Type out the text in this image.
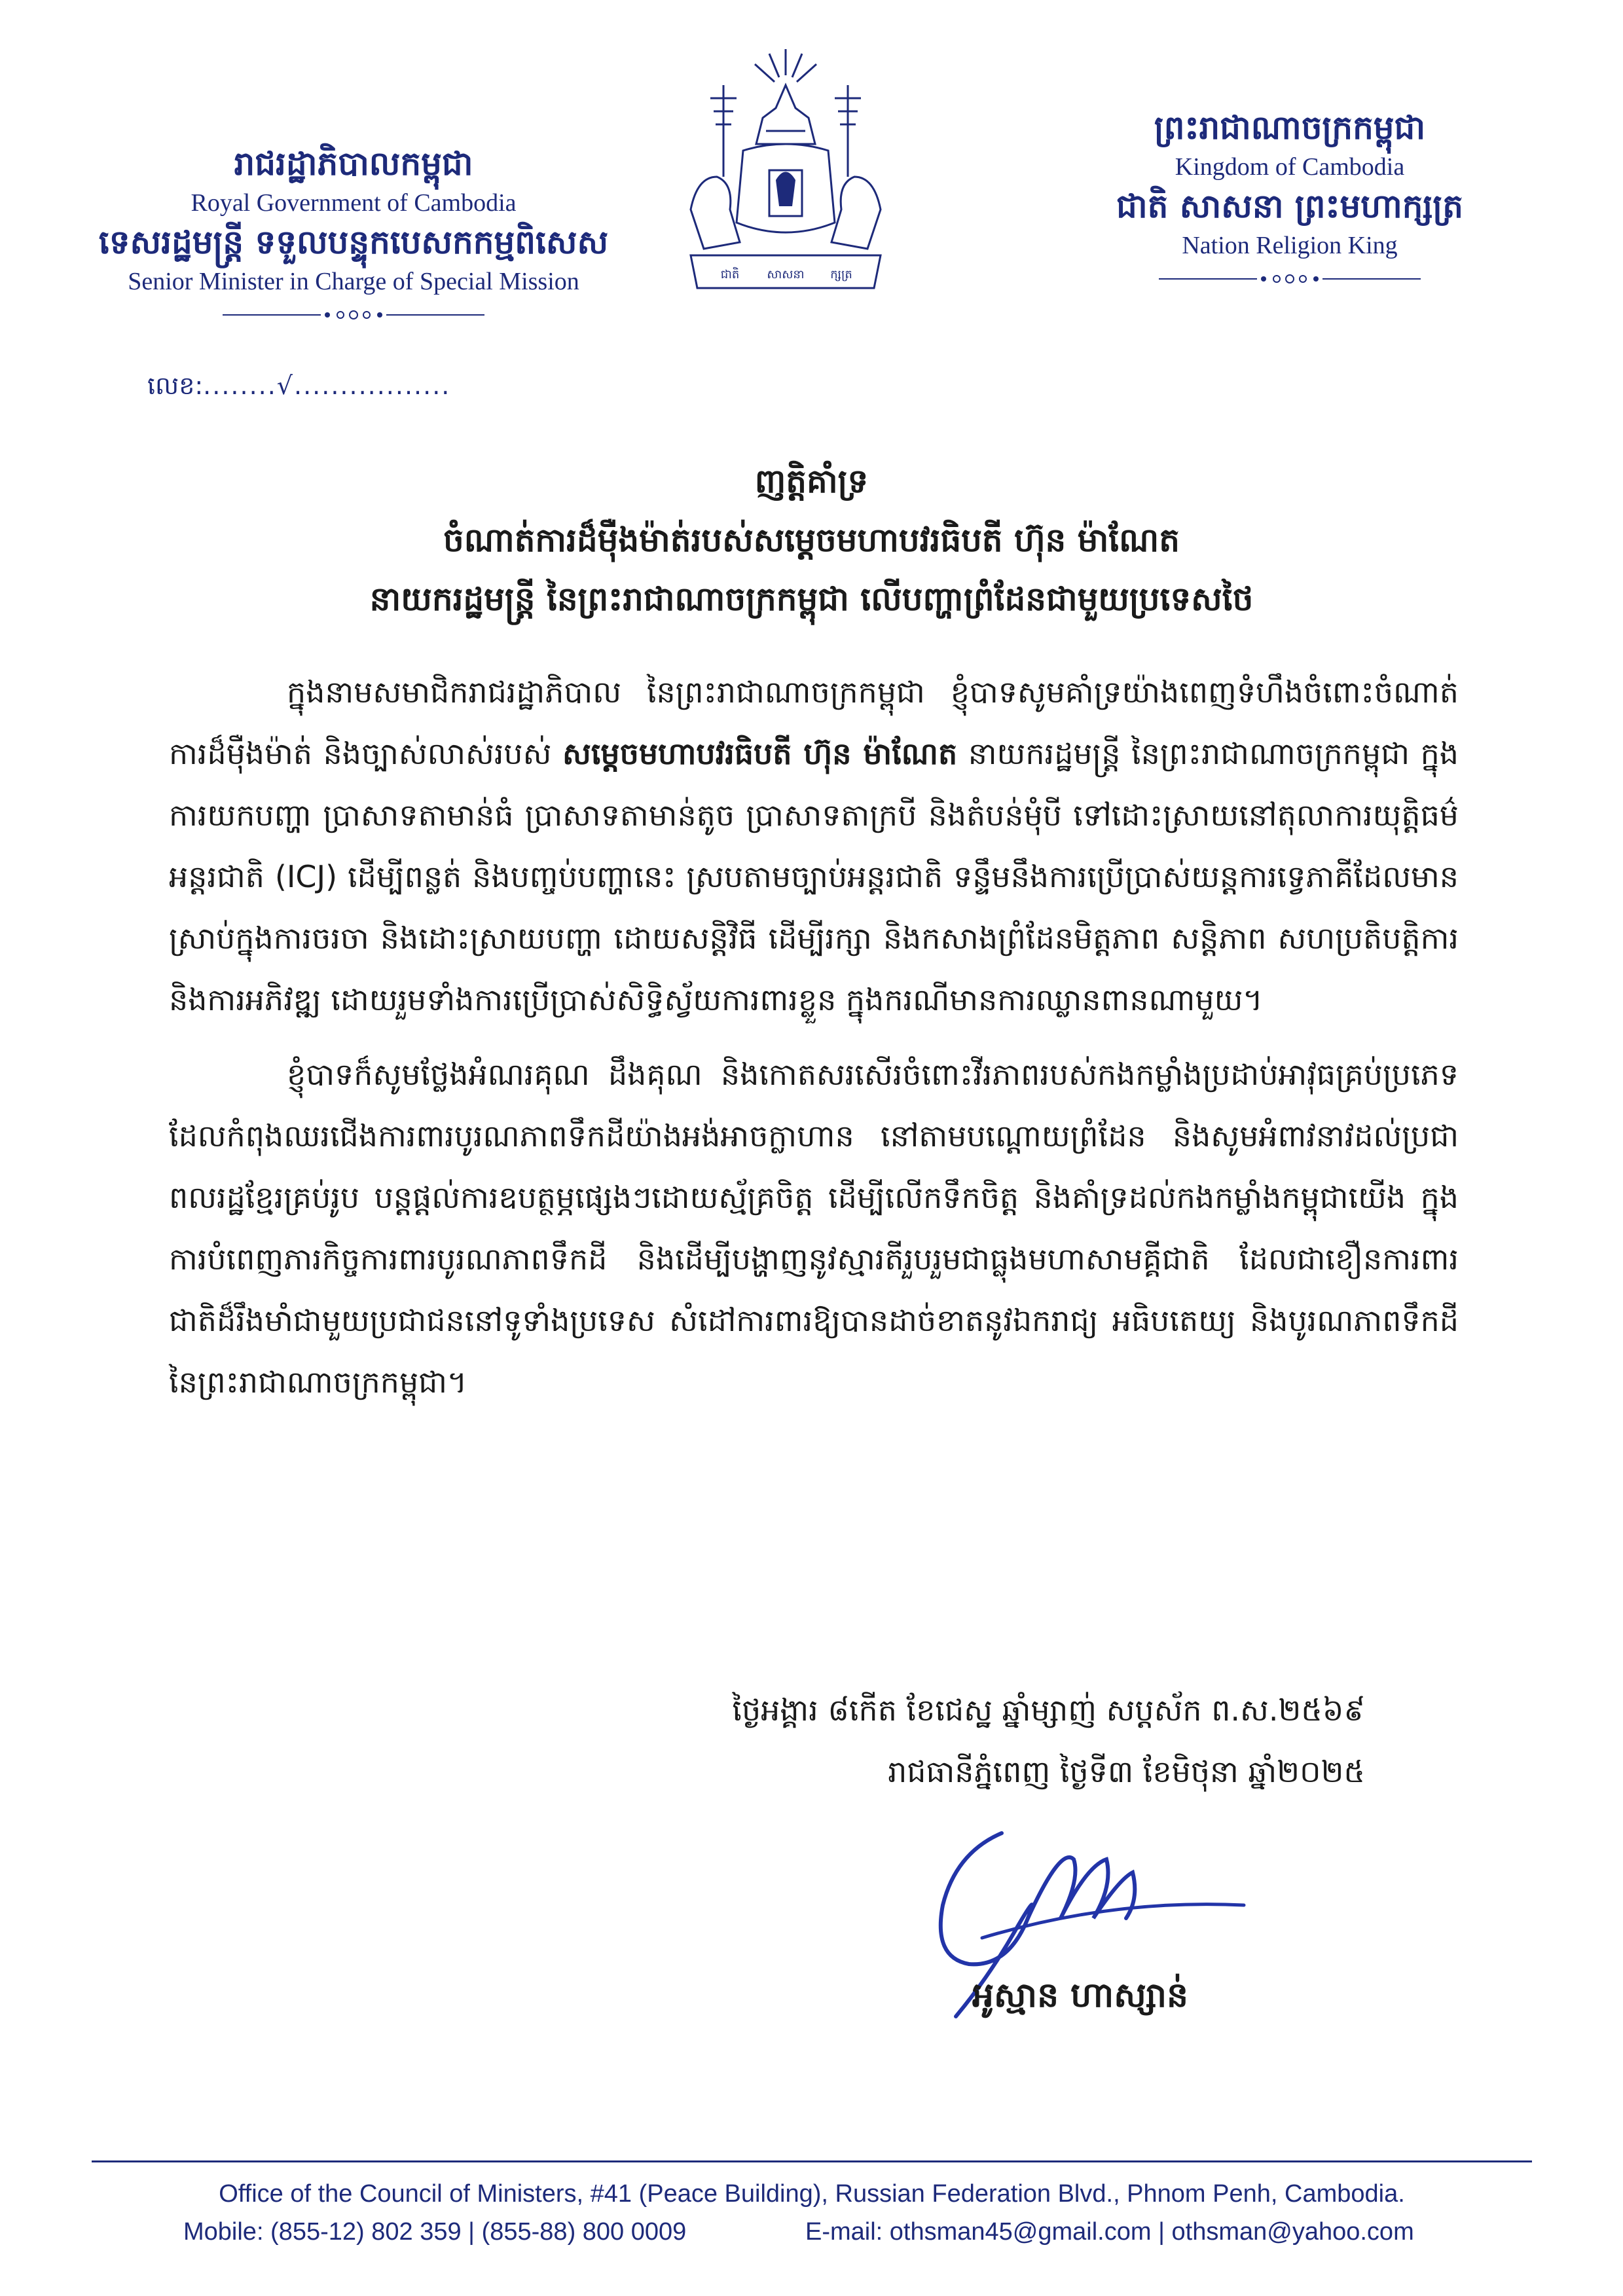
រាជរដ្ឋាភិបាលកម្ពុជា
Royal Government of Cambodia
ទេសរដ្ឋមន្ត្រី ទទួលបន្ទុកបេសកកម្មពិសេស
Senior Minister in Charge of Special Mission
លេខ:........√.................
ជាតិ សាសនា ក្សត្រ
ព្រះរាជាណាចក្រកម្ពុជា
Kingdom of Cambodia
ជាតិ សាសនា ព្រះមហាក្សត្រ
Nation Religion King
ញត្តិគាំទ្រ
ចំណាត់ការដ៏មុឺងម៉ាត់របស់សម្តេចមហាបវរធិបតី ហ៊ុន ម៉ាណែត
នាយករដ្ឋមន្ត្រី នៃព្រះរាជាណាចក្រកម្ពុជា លើបញ្ហាព្រំដែនជាមួយប្រទេសថៃ

ក្នុងនាមសមាជិករាជរដ្ឋាភិបាល នៃព្រះរាជាណាចក្រកម្ពុជា ខ្ញុំបាទសូមគាំទ្រយ៉ាងពេញទំហឹងចំពោះចំណាត់ការដ៏មុឺងម៉ាត់ និងច្បាស់លាស់របស់ សម្តេចមហាបវរធិបតី ហ៊ុន ម៉ាណែត នាយករដ្ឋមន្ត្រី នៃព្រះរាជាណាចក្រកម្ពុជា ក្នុងការយកបញ្ហា ប្រាសាទតាមាន់ធំ ប្រាសាទតាមាន់តូច ប្រាសាទតាក្របី និងតំបន់មុំបី ទៅដោះស្រាយនៅតុលាការយុត្តិធម៌អន្តរជាតិ (ICJ) ដើម្បីពន្លត់ និងបញ្ចប់បញ្ហានេះ ស្របតាមច្បាប់អន្តរជាតិ ទន្ទឹមនឹងការប្រើប្រាស់យន្តការទ្វេភាគីដែលមានស្រាប់ក្នុងការចរចា និងដោះស្រាយបញ្ហា ដោយសន្តិវិធី ដើម្បីរក្សា និងកសាងព្រំដែនមិត្តភាព សន្តិភាព សហប្រតិបត្តិការ និងការអភិវឌ្ឍ ដោយរួមទាំងការប្រើប្រាស់សិទ្ធិស្វ័យការពារខ្លួន ក្នុងករណីមានការឈ្លានពានណាមួយ។

ខ្ញុំបាទក៏សូមថ្លែងអំណរគុណ ដឹងគុណ និងកោតសរសើរចំពោះវីរភាពរបស់កងកម្លាំងប្រដាប់អាវុធគ្រប់ប្រភេទ ដែលកំពុងឈរជើងការពារបូរណភាពទឹកដីយ៉ាងអង់អាចក្លាហាន នៅតាមបណ្តោយព្រំដែន និងសូមអំពាវនាវដល់ប្រជាពលរដ្ឋខ្មែរគ្រប់រូប បន្តផ្តល់ការឧបត្ថម្ភផ្សេងៗដោយស្ម័គ្រចិត្ត ដើម្បីលើកទឹកចិត្ត និងគាំទ្រដល់កងកម្លាំងកម្ពុជាយើង ក្នុងការបំពេញភារកិច្ចការពារបូរណភាពទឹកដី និងដើម្បីបង្ហាញនូវស្មារតីរួបរួមជាធ្លុងមហាសាមគ្គីជាតិ ដែលជាខឿនការពារជាតិដ៏រឹងមាំជាមួយប្រជាជននៅទូទាំងប្រទេស សំដៅការពារឱ្យបានដាច់ខាតនូវឯករាជ្យ អធិបតេយ្យ និងបូរណភាពទឹកដី នៃព្រះរាជាណាចក្រកម្ពុជា។

ថ្ងៃអង្គារ ៨កើត ខែជេស្ឋ ឆ្នាំម្សាញ់ សប្តស័ក ព.ស.២៥៦៩
រាជធានីភ្នំពេញ ថ្ងៃទី៣ ខែមិថុនា ឆ្នាំ២០២៥
អូស្មាន ហាស្សាន់
Office of the Council of Ministers, #41 (Peace Building), Russian Federation Blvd., Phnom Penh, Cambodia.
Mobile: (855-12) 802 359 | (855-88) 800 0009	E-mail: othsman45@gmail.com | othsman@yahoo.com
